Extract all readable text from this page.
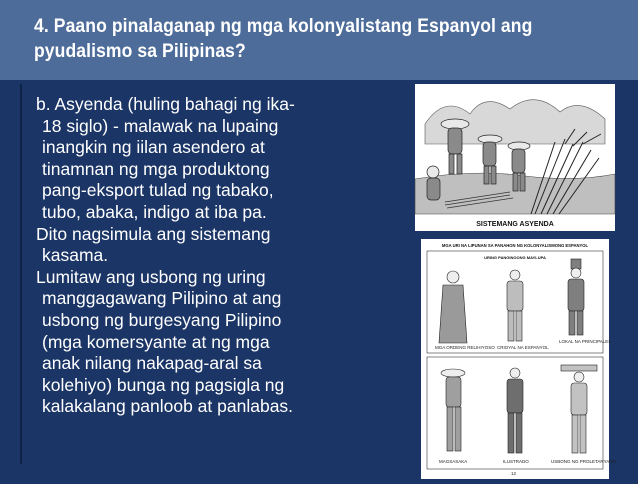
4. Paano pinalaganap ng mga kolonyalistang Espanyol ang
pyudalismo sa Pilipinas?

b. Asyenda (huling bahagi ng ika-
18 siglo) - malawak na lupaing
inangkin ng iilan asendero at
tinamnan ng mga produktong
pang-eksport tulad ng tabako,
tubo, abaka, indigo at iba pa.

Dito nagsimula ang sistemang
kasama.

Lumitaw ang usbong ng uring
manggagawang Pilipino at ang
usbong ng burgesyang Pilipino
(mga komersyante at ng mga
anak nilang nakapag-aral sa
kolehiyo) bunga ng pagsigla ng
kalakalang panloob at panlabas.

SISTEMANG ASYENDA
MGA URI NA LIPUNAN SA PANAHON NG KOLONYALISMONG ESPANYOL
URING PANGINOONG MAYLUPA
MGA ORDENG RELIHIYOSO CRIOYAL NA ESPANYOL
LOKAL NA PRINCIPALES
MAGSASAKA	ILUSTRADO	USBONG NG PROLETARYADO
12
